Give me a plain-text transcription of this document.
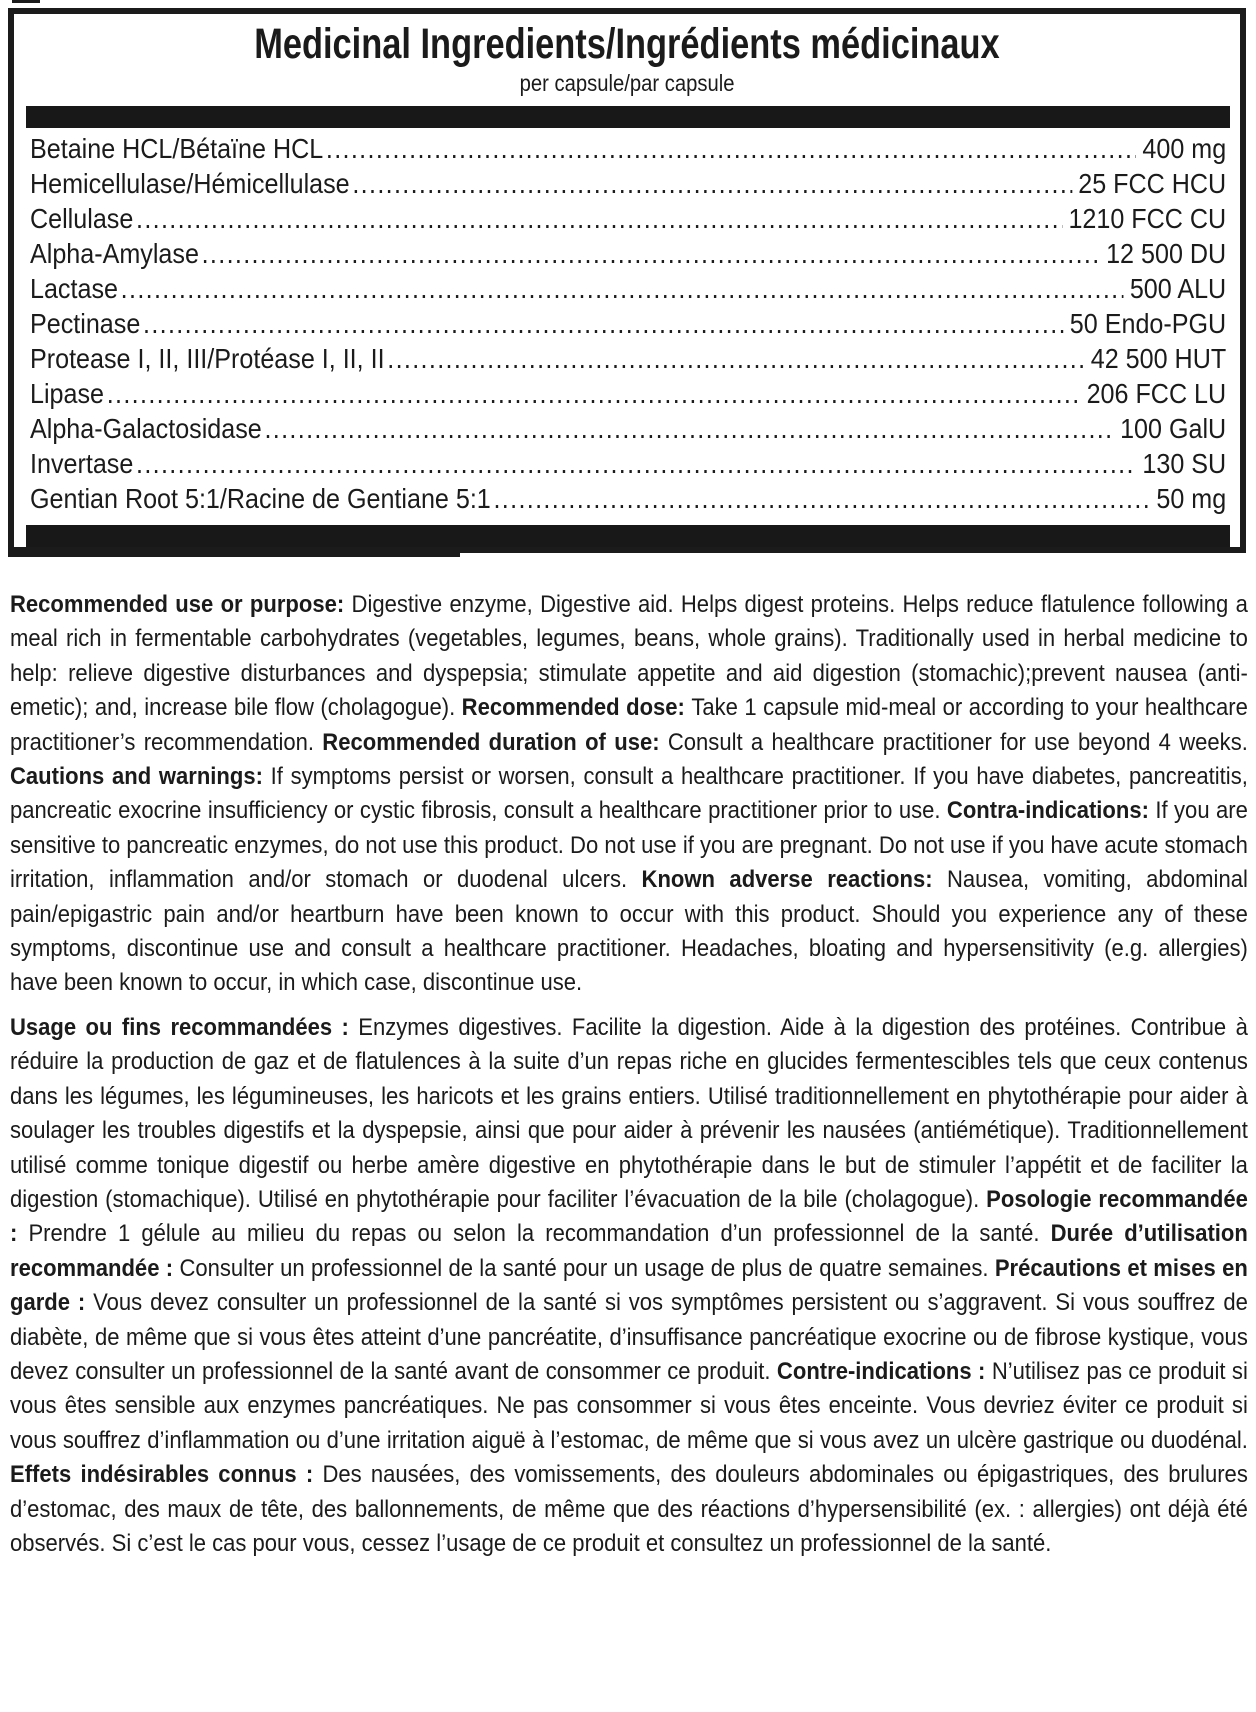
Medicinal Ingredients/Ingrédients médicinaux
per capsule/par capsule
Betaine HCL/Bétaïne HCL .....	400 mg
Hemicellulase/Hémicellulase .....	25 FCC HCU
Cellulase .....	1210 FCC CU
Alpha-Amylase .....	12 500 DU
Lactase .....	500 ALU
Pectinase .....	50 Endo-PGU
Protease I, II, III/Protéase I, II, II .....	42 500 HUT
Lipase .....	206 FCC LU
Alpha-Galactosidase .....	100 GalU
Invertase .....	130 SU
Gentian Root 5:1/Racine de Gentiane 5:1 .....	50 mg

Recommended use or purpose: Digestive enzyme, Digestive aid. Helps digest proteins. Helps reduce flatulence following a meal rich in fermentable carbohydrates (vegetables, legumes, beans, whole grains). Traditionally used in herbal medicine to help: relieve digestive disturbances and dyspepsia; stimulate appetite and aid digestion (stomachic);prevent nausea (anti-emetic); and, increase bile flow (cholagogue). Recommended dose: Take 1 capsule mid-meal or according to your healthcare practitioner’s recommendation. Recommended duration of use: Consult a healthcare practitioner for use beyond 4 weeks. Cautions and warnings: If symptoms persist or worsen, consult a healthcare practitioner. If you have diabetes, pancreatitis, pancreatic exocrine insufficiency or cystic fibrosis, consult a healthcare practitioner prior to use. Contra-indications: If you are sensitive to pancreatic enzymes, do not use this product. Do not use if you are pregnant. Do not use if you have acute stomach irritation, inflammation and/or stomach or duodenal ulcers. Known adverse reactions: Nausea, vomiting, abdominal pain/epigastric pain and/or heartburn have been known to occur with this product. Should you experience any of these symptoms, discontinue use and consult a healthcare practitioner. Headaches, bloating and hypersensitivity (e.g. allergies) have been known to occur, in which case, discontinue use.

Usage ou fins recommandées : Enzymes digestives. Facilite la digestion. Aide à la digestion des protéines. Contribue à réduire la production de gaz et de flatulences à la suite d’un repas riche en glucides fermentescibles tels que ceux contenus dans les légumes, les légumineuses, les haricots et les grains entiers. Utilisé traditionnellement en phytothérapie pour aider à soulager les troubles digestifs et la dyspepsie, ainsi que pour aider à prévenir les nausées (antiémétique). Traditionnellement utilisé comme tonique digestif ou herbe amère digestive en phytothérapie dans le but de stimuler l’appétit et de faciliter la digestion (stomachique). Utilisé en phytothérapie pour faciliter l’évacuation de la bile (cholagogue). Posologie recommandée : Prendre 1 gélule au milieu du repas ou selon la recommandation d’un professionnel de la santé. Durée d’utilisation recommandée : Consulter un professionnel de la santé pour un usage de plus de quatre semaines. Précautions et mises en garde : Vous devez consulter un professionnel de la santé si vos symptômes persistent ou s’aggravent. Si vous souffrez de diabète, de même que si vous êtes atteint d’une pancréatite, d’insuffisance pancréatique exocrine ou de fibrose kystique, vous devez consulter un professionnel de la santé avant de consommer ce produit. Contre-indications : N’utilisez pas ce produit si vous êtes sensible aux enzymes pancréatiques. Ne pas consommer si vous êtes enceinte. Vous devriez éviter ce produit si vous souffrez d’inflammation ou d’une irritation aiguë à l’estomac, de même que si vous avez un ulcère gastrique ou duodénal. Effets indésirables connus : Des nausées, des vomissements, des douleurs abdominales ou épigastriques, des brulures d’estomac, des maux de tête, des ballonnements, de même que des réactions d’hypersensibilité (ex. : allergies) ont déjà été observés. Si c’est le cas pour vous, cessez l’usage de ce produit et consultez un professionnel de la santé.
